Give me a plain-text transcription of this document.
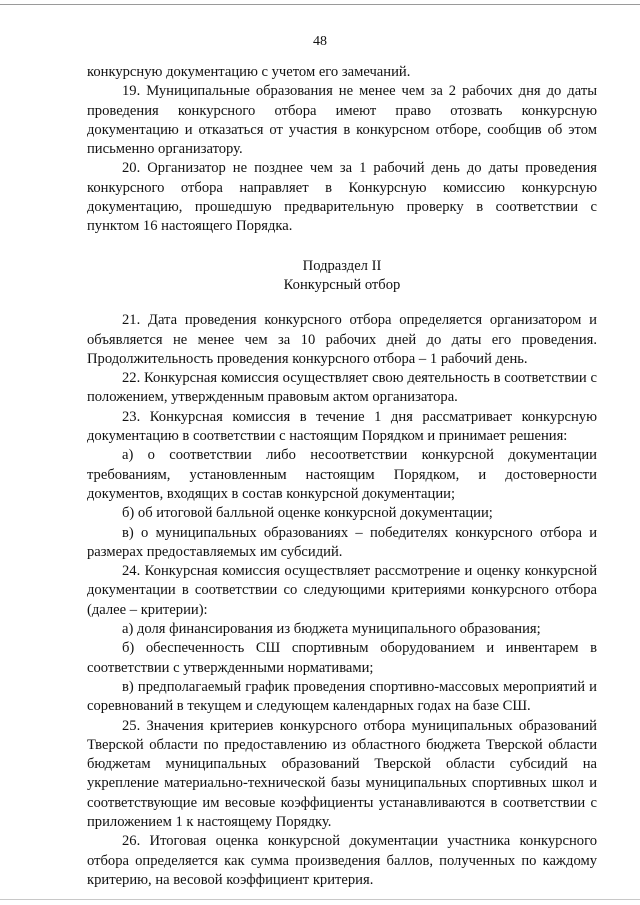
48

конкурсную документацию с учетом его замечаний.

19. Муниципальные образования не менее чем за 2 рабочих дня до даты проведения конкурсного отбора имеют право отозвать конкурсную документацию и отказаться от участия в конкурсном отборе, сообщив об этом письменно организатору.

20. Организатор не позднее чем за 1 рабочий день до даты проведения конкурсного отбора направляет в Конкурсную комиссию конкурсную документацию, прошедшую предварительную проверку в соответствии с пунктом 16 настоящего Порядка.

Подраздел II
Конкурсный отбор

21. Дата проведения конкурсного отбора определяется организатором и объявляется не менее чем за 10 рабочих дней до даты его проведения. Продолжительность проведения конкурсного отбора – 1 рабочий день.

22. Конкурсная комиссия осуществляет свою деятельность в соответствии с положением, утвержденным правовым актом организатора.

23. Конкурсная комиссия в течение 1 дня рассматривает конкурсную документацию в соответствии с настоящим Порядком и принимает решения:

а) о соответствии либо несоответствии конкурсной документации требованиям, установленным настоящим Порядком, и достоверности документов, входящих в состав конкурсной документации;

б) об итоговой балльной оценке конкурсной документации;

в) о муниципальных образованиях – победителях конкурсного отбора и размерах предоставляемых им субсидий.

24. Конкурсная комиссия осуществляет рассмотрение и оценку конкурсной документации в соответствии со следующими критериями конкурсного отбора (далее – критерии):

а) доля финансирования из бюджета муниципального образования;

б) обеспеченность СШ спортивным оборудованием и инвентарем в соответствии с утвержденными нормативами;

в) предполагаемый график проведения спортивно-массовых мероприятий и соревнований в текущем и следующем календарных годах на базе СШ.

25. Значения критериев конкурсного отбора муниципальных образований Тверской области по предоставлению из областного бюджета Тверской области бюджетам муниципальных образований Тверской области субсидий на укрепление материально-технической базы муниципальных спортивных школ и соответствующие им весовые коэффициенты устанавливаются в соответствии с приложением 1 к настоящему Порядку.

26. Итоговая оценка конкурсной документации участника конкурсного отбора определяется как сумма произведения баллов, полученных по каждому критерию, на весовой коэффициент критерия.
